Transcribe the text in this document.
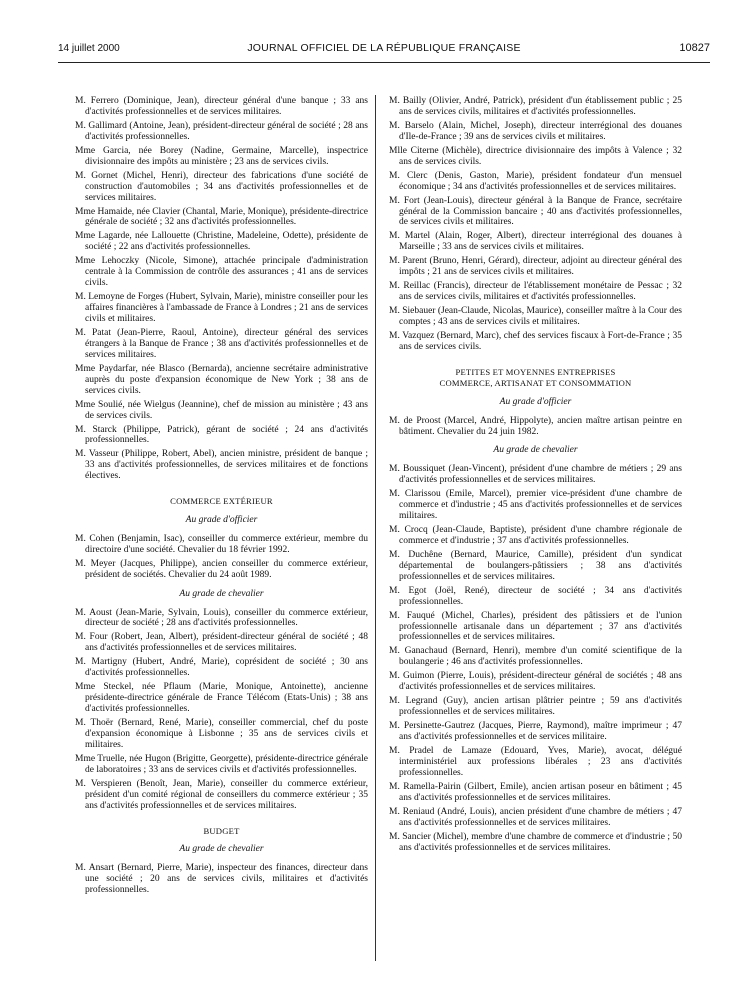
14 juillet 2000	JOURNAL OFFICIEL DE LA RÉPUBLIQUE FRANÇAISE	10827
M. Ferrero (Dominique, Jean), directeur général d'une banque ; 33 ans d'activités professionnelles et de services militaires.
M. Gallimard (Antoine, Jean), président-directeur général de société ; 28 ans d'activités professionnelles.
Mme Garcia, née Borey (Nadine, Germaine, Marcelle), inspectrice divisionnaire des impôts au ministère ; 23 ans de services civils.
M. Gornet (Michel, Henri), directeur des fabrications d'une société de construction d'automobiles ; 34 ans d'activités professionnelles et de services militaires.
Mme Hamaide, née Clavier (Chantal, Marie, Monique), présidente-directrice générale de société ; 32 ans d'activités professionnelles.
Mme Lagarde, née Lallouette (Christine, Madeleine, Odette), présidente de société ; 22 ans d'activités professionnelles.
Mme Lehoczky (Nicole, Simone), attachée principale d'administration centrale à la Commission de contrôle des assurances ; 41 ans de services civils.
M. Lemoyne de Forges (Hubert, Sylvain, Marie), ministre conseiller pour les affaires financières à l'ambassade de France à Londres ; 21 ans de services civils et militaires.
M. Patat (Jean-Pierre, Raoul, Antoine), directeur général des services étrangers à la Banque de France ; 38 ans d'activités professionnelles et de services militaires.
Mme Paydarfar, née Blasco (Bernarda), ancienne secrétaire administrative auprès du poste d'expansion économique de New York ; 38 ans de services civils.
Mme Soulié, née Wielgus (Jeannine), chef de mission au ministère ; 43 ans de services civils.
M. Starck (Philippe, Patrick), gérant de société ; 24 ans d'activités professionnelles.
M. Vasseur (Philippe, Robert, Abel), ancien ministre, président de banque ; 33 ans d'activités professionnelles, de services militaires et de fonctions électives.
COMMERCE EXTÉRIEUR
Au grade d'officier
M. Cohen (Benjamin, Isac), conseiller du commerce extérieur, membre du directoire d'une société. Chevalier du 18 février 1992.
M. Meyer (Jacques, Philippe), ancien conseiller du commerce extérieur, président de sociétés. Chevalier du 24 août 1989.
Au grade de chevalier
M. Aoust (Jean-Marie, Sylvain, Louis), conseiller du commerce extérieur, directeur de société ; 28 ans d'activités professionnelles.
M. Four (Robert, Jean, Albert), président-directeur général de société ; 48 ans d'activités professionnelles et de services militaires.
M. Martigny (Hubert, André, Marie), coprésident de société ; 30 ans d'activités professionnelles.
Mme Steckel, née Pflaum (Marie, Monique, Antoinette), ancienne présidente-directrice générale de France Télécom (Etats-Unis) ; 38 ans d'activités professionnelles.
M. Thoër (Bernard, René, Marie), conseiller commercial, chef du poste d'expansion économique à Lisbonne ; 35 ans de services civils et militaires.
Mme Truelle, née Hugon (Brigitte, Georgette), présidente-directrice générale de laboratoires ; 33 ans de services civils et d'activités professionnelles.
M. Verspieren (Benoît, Jean, Marie), conseiller du commerce extérieur, président d'un comité régional de conseillers du commerce extérieur ; 35 ans d'activités professionnelles et de services militaires.
BUDGET
Au grade de chevalier
M. Ansart (Bernard, Pierre, Marie), inspecteur des finances, directeur dans une société ; 20 ans de services civils, militaires et d'activités professionnelles.
M. Bailly (Olivier, André, Patrick), président d'un établissement public ; 25 ans de services civils, militaires et d'activités professionnelles.
M. Barselo (Alain, Michel, Joseph), directeur interrégional des douanes d'Ile-de-France ; 39 ans de services civils et militaires.
Mlle Citerne (Michèle), directrice divisionnaire des impôts à Valence ; 32 ans de services civils.
M. Clerc (Denis, Gaston, Marie), président fondateur d'un mensuel économique ; 34 ans d'activités professionnelles et de services militaires.
M. Fort (Jean-Louis), directeur général à la Banque de France, secrétaire général de la Commission bancaire ; 40 ans d'activités professionnelles, de services civils et militaires.
M. Martel (Alain, Roger, Albert), directeur interrégional des douanes à Marseille ; 33 ans de services civils et militaires.
M. Parent (Bruno, Henri, Gérard), directeur, adjoint au directeur général des impôts ; 21 ans de services civils et militaires.
M. Reillac (Francis), directeur de l'établissement monétaire de Pessac ; 32 ans de services civils, militaires et d'activités professionnelles.
M. Siebauer (Jean-Claude, Nicolas, Maurice), conseiller maître à la Cour des comptes ; 43 ans de services civils et militaires.
M. Vazquez (Bernard, Marc), chef des services fiscaux à Fort-de-France ; 35 ans de services civils.
PETITES ET MOYENNES ENTREPRISES
COMMERCE, ARTISANAT ET CONSOMMATION
Au grade d'officier
M. de Proost (Marcel, André, Hippolyte), ancien maître artisan peintre en bâtiment. Chevalier du 24 juin 1982.
Au grade de chevalier
M. Boussiquet (Jean-Vincent), président d'une chambre de métiers ; 29 ans d'activités professionnelles et de services militaires.
M. Clarissou (Emile, Marcel), premier vice-président d'une chambre de commerce et d'industrie ; 45 ans d'activités professionnelles et de services militaires.
M. Crocq (Jean-Claude, Baptiste), président d'une chambre régionale de commerce et d'industrie ; 37 ans d'activités professionnelles.
M. Duchêne (Bernard, Maurice, Camille), président d'un syndicat départemental de boulangers-pâtissiers ; 38 ans d'activités professionnelles et de services militaires.
M. Egot (Joël, René), directeur de société ; 34 ans d'activités professionnelles.
M. Fauqué (Michel, Charles), président des pâtissiers et de l'union professionnelle artisanale dans un département ; 37 ans d'activités professionnelles et de services militaires.
M. Ganachaud (Bernard, Henri), membre d'un comité scientifique de la boulangerie ; 46 ans d'activités professionnelles.
M. Guimon (Pierre, Louis), président-directeur général de sociétés ; 48 ans d'activités professionnelles et de services militaires.
M. Legrand (Guy), ancien artisan plâtrier peintre ; 59 ans d'activités professionnelles et de services militaires.
M. Persinette-Gautrez (Jacques, Pierre, Raymond), maître imprimeur ; 47 ans d'activités professionnelles et de services militaire.
M. Pradel de Lamaze (Edouard, Yves, Marie), avocat, délégué interministériel aux professions libérales ; 23 ans d'activités professionnelles.
M. Ramella-Pairin (Gilbert, Emile), ancien artisan poseur en bâtiment ; 45 ans d'activités professionnelles et de services militaires.
M. Reniaud (André, Louis), ancien président d'une chambre de métiers ; 47 ans d'activités professionnelles et de services militaires.
M. Sancier (Michel), membre d'une chambre de commerce et d'industrie ; 50 ans d'activités professionnelles et de services militaires.
